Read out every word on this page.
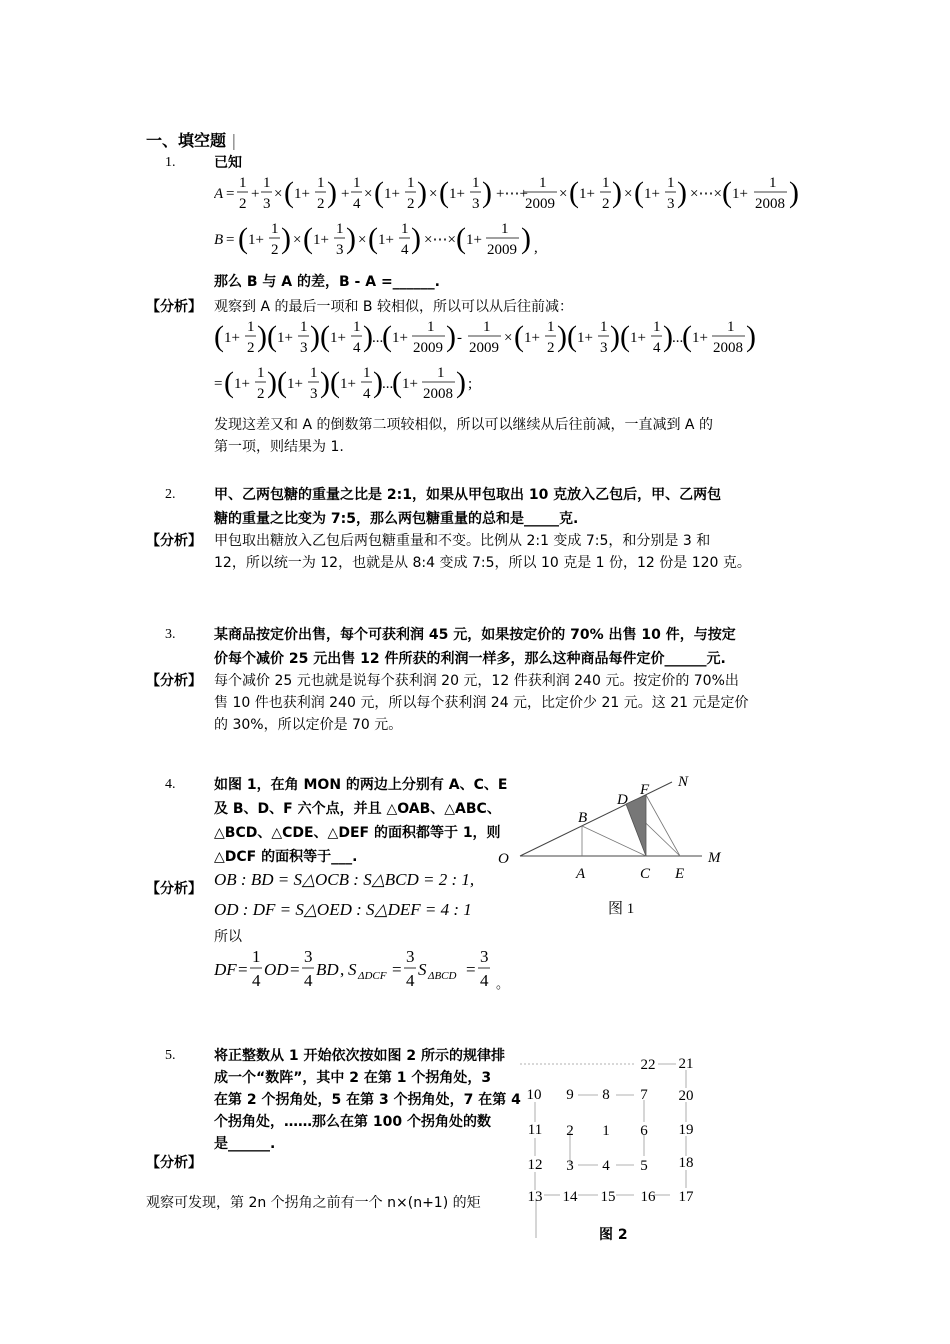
一、填空题 |
1.	已知
A =
1
2
+
1
3
× ( 1+
1
2 ) +
1
4
× ( 1+
1
2 ) × ( 1+
1
3 ) +⋯+
1
2009
× ( 1+
1
2 ) × ( 1+
1
3 ) ×⋯× ( 1+
1
2008 )
B = ( 1+
1
2 ) × ( 1+
1
3 ) × ( 1+
1
4 ) ×⋯× ( 1+
1
2009 ) ,
那么 B 与 A 的差，B - A =______.
【分析】 观察到 A 的最后一项和 B 较相似，所以可以从后往前减：
( 1+
1
2 ) ( 1+
1
3 ) ( 1+
1
4 ) ...
( 1+
1
2009 ) -
1
2009
× ( 1+
1
2 ) ( 1+
1
3 ) ( 1+
1
4 ) ...
( 1+
1
2008 )
= ( 1+
1
2 ) ( 1+
1
3 ) ( 1+
1
4 ) ...
( 1+
1
2008 ) ;
发现这差又和 A 的倒数第二项较相似，所以可以继续从后往前减，一直减到 A 的
第一项，则结果为 1.
2.	甲、乙两包糖的重量之比是 2:1，如果从甲包取出 10 克放入乙包后，甲、乙两包
糖的重量之比变为 7:5，那么两包糖重量的总和是_____克.
【分析】 甲包取出糖放入乙包后两包糖重量和不变。比例从 2:1 变成 7:5，和分别是 3 和
12，所以统一为 12，也就是从 8:4 变成 7:5，所以 10 克是 1 份，12 份是 120 克。
3.	某商品按定价出售，每个可获利润 45 元，如果按定价的 70% 出售 10 件，与按定
价每个减价 25 元出售 12 件所获的利润一样多，那么这种商品每件定价______元.
【分析】 每个减价 25 元也就是说每个获利润 20 元，12 件获利润 240 元。按定价的 70%出
售 10 件也获利润 240 元，所以每个获利润 24 元，比定价少 21 元。这 21 元是定价
的 30%，所以定价是 70 元。
4.	如图 1，在角 MON 的两边上分别有 A、C、E
及 B、D、F 六个点，并且 △OAB、△ABC、
△BCD、△CDE、△DEF 的面积都等于 1，则
△DCF 的面积等于___.
【分析】 OB : BD = S△OCB : S△BCD = 2 : 1,
OD : DF = S△OED : S△DEF = 4 : 1
所以
DF =
1
4
OD =
3
4
BD , S ΔDCF =
3
4
S ΔBCD =
3
4 。
O
A
B
C
D
E
F
M
N
图 1
5.	将正整数从 1 开始依次按如图 2 所示的规律排
成一个“数阵”，其中 2 在第 1 个拐角处，3
在第 2 个拐角处，5 在第 3 个拐角处，7 在第 4
个拐角处，……那么在第 100 个拐角处的数
是______.
【分析】
观察可发现，第 2n 个拐角之前有一个 n×(n+1) 的矩
1
2
3 4 5
6
7
8
9
10
11
12
13 14 15 16 17
18
19
20
21
22
图 2
